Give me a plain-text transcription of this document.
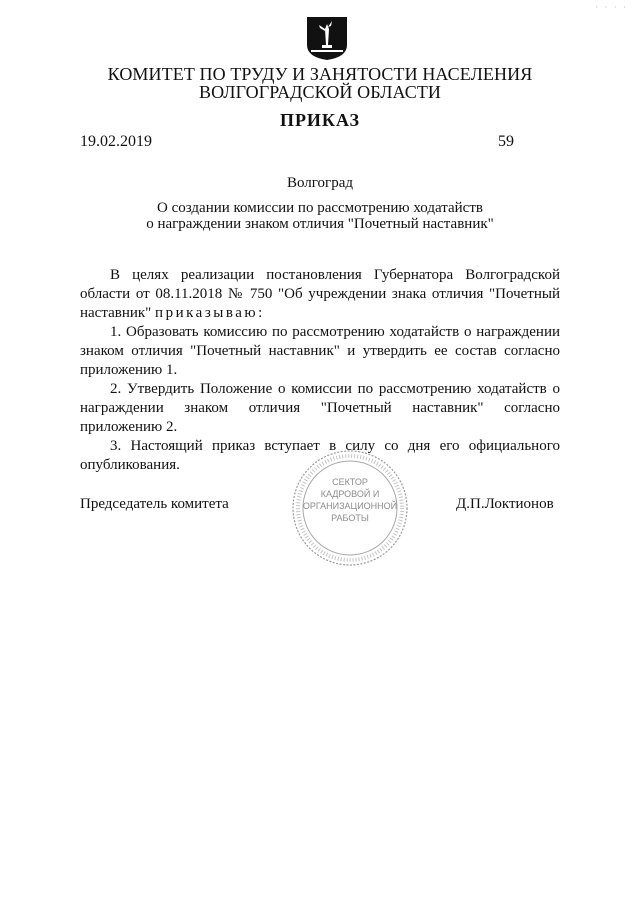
· · · ·
КОМИТЕТ ПО ТРУДУ И ЗАНЯТОСТИ НАСЕЛЕНИЯ
ВОЛГОГРАДСКОЙ ОБЛАСТИ
ПРИКАЗ
19.02.2019	59
Волгоград
О создании комиссии по рассмотрению ходатайств
о награждении знаком отличия "Почетный наставник"

В целях реализации постановления Губернатора Волгоградской области от 08.11.2018 № 750 "Об учреждении знака отличия "Почетный наставник" приказываю:

1. Образовать комиссию по рассмотрению ходатайств о награждении знаком отличия "Почетный наставник" и утвердить ее состав согласно приложению 1.

2. Утвердить Положение о комиссии по рассмотрению ходатайств о награждении знаком отличия "Почетный наставник" согласно приложению 2.

3. Настоящий приказ вступает в силу со дня его официального опубликования.

СЕКТОР
КАДРОВОЙ И
ОРГАНИЗАЦИОННОЙ
РАБОТЫ
Председатель комитета	Д.П.Локтионов
